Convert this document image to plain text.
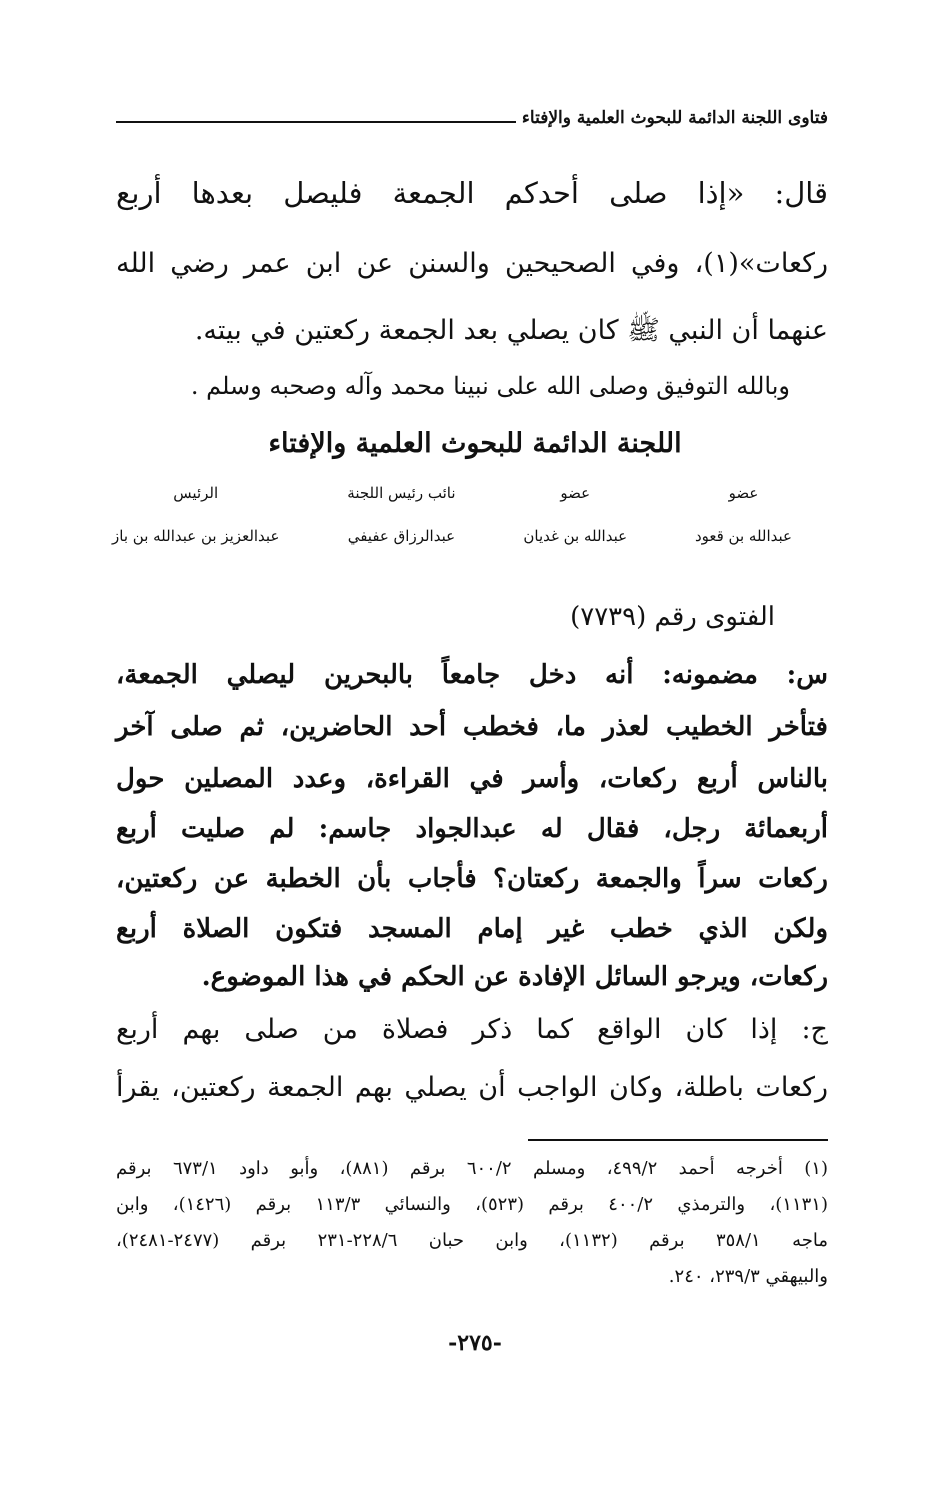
فتاوى اللجنة الدائمة للبحوث العلمية والإفتاء
قال: «إذا صلى أحدكم الجمعة فليصل بعدها أربع
ركعات»(١)، وفي الصحيحين والسنن عن ابن عمر رضي الله
عنهما أن النبي ﷺ كان يصلي بعد الجمعة ركعتين في بيته.
وبالله التوفيق وصلى الله على نبينا محمد وآله وصحبه وسلم .
اللجنة الدائمة للبحوث العلمية والإفتاء
عضو
عبدالله بن قعود
عضو
عبدالله بن غديان
نائب رئيس اللجنة
عبدالرزاق عفيفي
الرئيس
عبدالعزيز بن عبدالله بن باز
الفتوى رقم (٧٧٣٩)
س: مضمونه: أنه دخل جامعاً بالبحرين ليصلي الجمعة،
فتأخر الخطيب لعذر ما، فخطب أحد الحاضرين، ثم صلى آخر
بالناس أربع ركعات، وأسر في القراءة، وعدد المصلين حول
أربعمائة رجل، فقال له عبدالجواد جاسم: لم صليت أربع
ركعات سراً والجمعة ركعتان؟ فأجاب بأن الخطبة عن ركعتين،
ولكن الذي خطب غير إمام المسجد فتكون الصلاة أربع
ركعات، ويرجو السائل الإفادة عن الحكم في هذا الموضوع.
ج: إذا كان الواقع كما ذكر فصلاة من صلى بهم أربع
ركعات باطلة، وكان الواجب أن يصلي بهم الجمعة ركعتين، يقرأ
(١) أخرجه أحمد ٤٩٩/٢، ومسلم ٦٠٠/٢ برقم (٨٨١)، وأبو داود ٦٧٣/١ برقم
(١١٣١)، والترمذي ٤٠٠/٢ برقم (٥٢٣)، والنسائي ١١٣/٣ برقم (١٤٢٦)، وابن
ماجه ٣٥٨/١ برقم (١١٣٢)، وابن حبان ٢٢٨/٦-٢٣١ برقم (٢٤٧٧-٢٤٨١)،
والبيهقي ٢٣٩/٣، ٢٤٠.
-٢٧٥-
